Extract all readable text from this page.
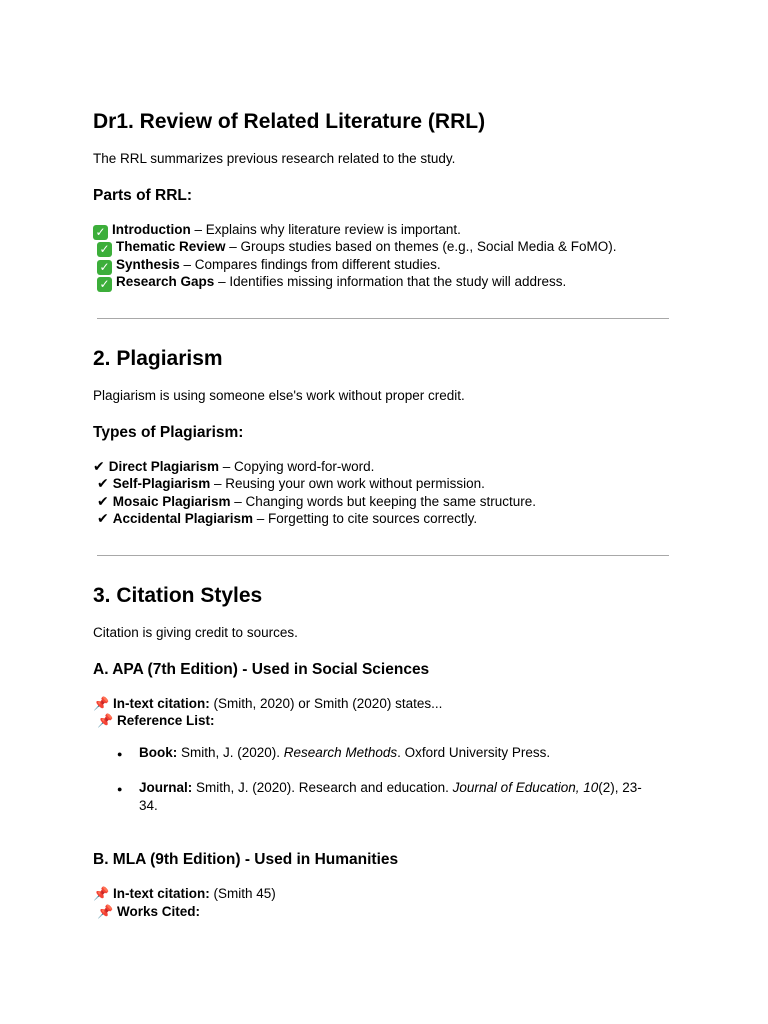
Dr1. Review of Related Literature (RRL)

The RRL summarizes previous research related to the study.

Parts of RRL:
✓ Introduction – Explains why literature review is important.
✓ Thematic Review – Groups studies based on themes (e.g., Social Media & FoMO).
✓ Synthesis – Compares findings from different studies.
✓ Research Gaps – Identifies missing information that the study will address.
2. Plagiarism

Plagiarism is using someone else's work without proper credit.

Types of Plagiarism:
✔ Direct Plagiarism – Copying word-for-word.
✔ Self-Plagiarism – Reusing your own work without permission.
✔ Mosaic Plagiarism – Changing words but keeping the same structure.
✔ Accidental Plagiarism – Forgetting to cite sources correctly.
3. Citation Styles

Citation is giving credit to sources.

A. APA (7th Edition) - Used in Social Sciences
📌 In-text citation: (Smith, 2020) or Smith (2020) states...
📌 Reference List:
● Book: Smith, J. (2020). Research Methods. Oxford University Press.
● Journal: Smith, J. (2020). Research and education. Journal of Education, 10(2), 23-34.
B. MLA (9th Edition) - Used in Humanities
📌 In-text citation: (Smith 45)
📌 Works Cited:
